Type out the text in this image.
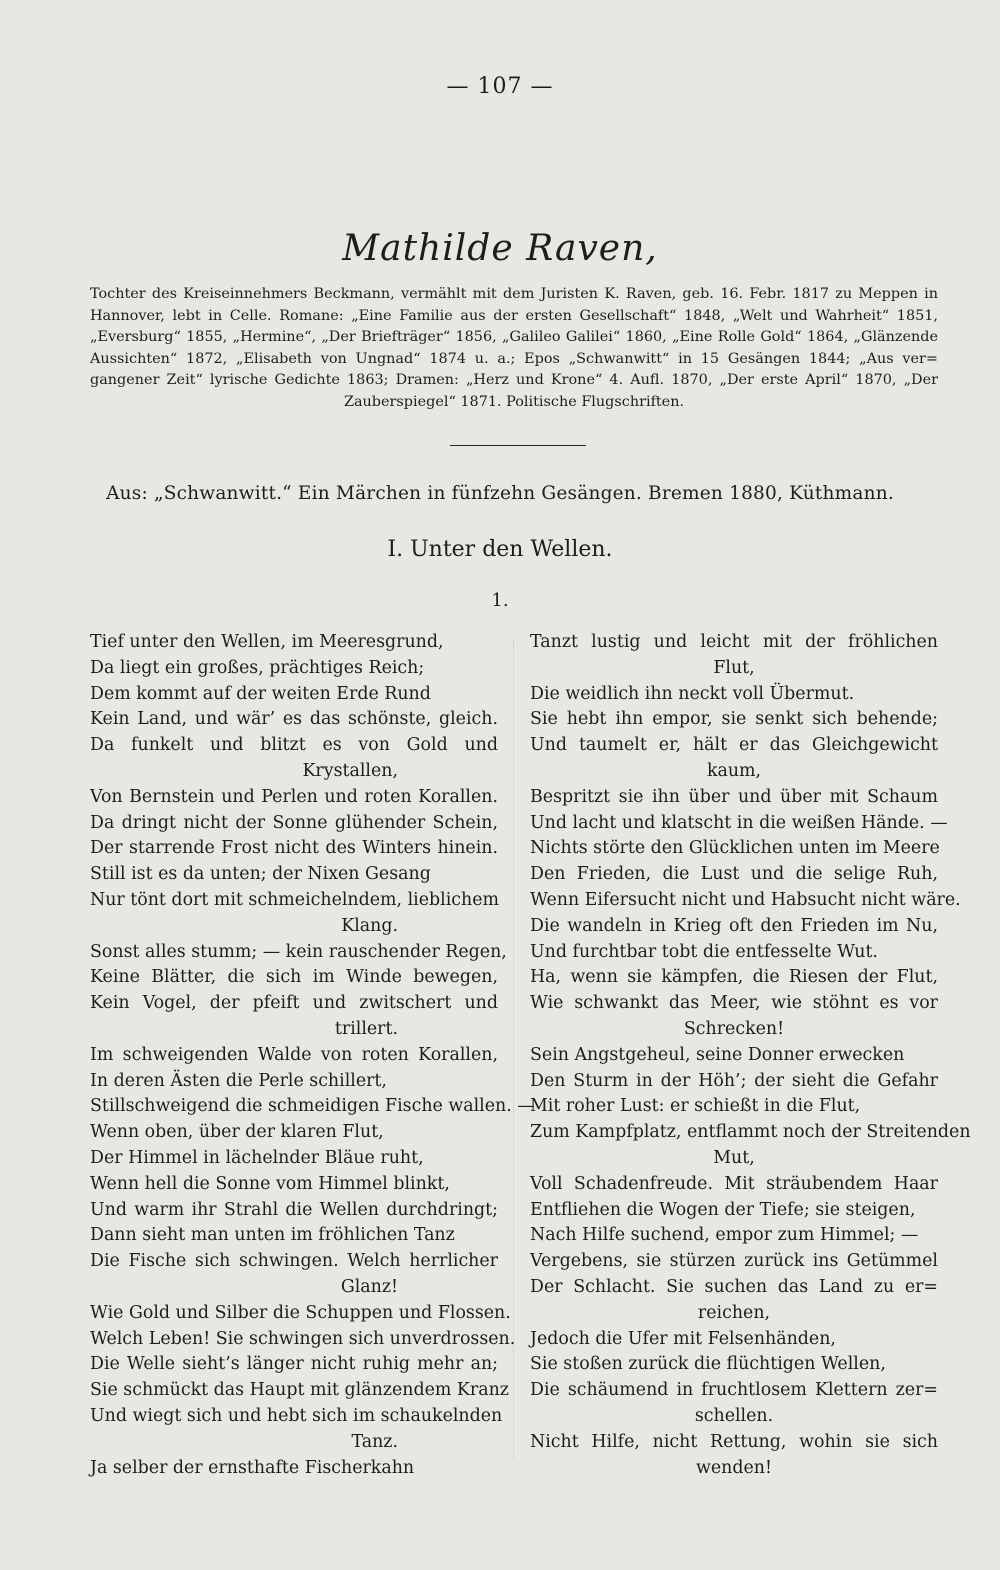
— 107 —
Mathilde Raven,
Tochter des Kreiseinnehmers Beckmann, vermählt mit dem Juristen K. Raven, geb. 16. Febr. 1817 zu Meppen in
Hannover, lebt in Celle. Romane: „Eine Familie aus der ersten Gesellschaft“ 1848, „Welt und Wahrheit“ 1851,
„Eversburg“ 1855, „Hermine“, „Der Briefträger“ 1856, „Galileo Galilei“ 1860, „Eine Rolle Gold“ 1864, „Glänzende
Aussichten“ 1872, „Elisabeth von Ungnad“ 1874 u. a.; Epos „Schwanwitt“ in 15 Gesängen 1844; „Aus ver=
gangener Zeit“ lyrische Gedichte 1863; Dramen: „Herz und Krone“ 4. Aufl. 1870, „Der erste April“ 1870, „Der
Zauberspiegel“ 1871. Politische Flugschriften.
Aus: „Schwanwitt.“ Ein Märchen in fünfzehn Gesängen. Bremen 1880, Küthmann.
I. Unter den Wellen.
1.
Tief unter den Wellen, im Meeresgrund,
Da liegt ein großes, prächtiges Reich;
Dem kommt auf der weiten Erde Rund
Kein Land, und wär’ es das schönste, gleich.
Da funkelt und blitzt es von Gold und
Krystallen,
Von Bernstein und Perlen und roten Korallen.
Da dringt nicht der Sonne glühender Schein,
Der starrende Frost nicht des Winters hinein.
Still ist es da unten; der Nixen Gesang
Nur tönt dort mit schmeichelndem, lieblichem
Klang.
Sonst alles stumm; — kein rauschender Regen,
Keine Blätter, die sich im Winde bewegen,
Kein Vogel, der pfeift und zwitschert und
trillert.
Im schweigenden Walde von roten Korallen,
In deren Ästen die Perle schillert,
Stillschweigend die schmeidigen Fische wallen. —
Wenn oben, über der klaren Flut,
Der Himmel in lächelnder Bläue ruht,
Wenn hell die Sonne vom Himmel blinkt,
Und warm ihr Strahl die Wellen durchdringt;
Dann sieht man unten im fröhlichen Tanz
Die Fische sich schwingen. Welch herrlicher
Glanz!
Wie Gold und Silber die Schuppen und Flossen.
Welch Leben! Sie schwingen sich unverdrossen.
Die Welle sieht’s länger nicht ruhig mehr an;
Sie schmückt das Haupt mit glänzendem Kranz
Und wiegt sich und hebt sich im schaukelnden
Tanz.
Ja selber der ernsthafte Fischerkahn
Tanzt lustig und leicht mit der fröhlichen
Flut,
Die weidlich ihn neckt voll Übermut.
Sie hebt ihn empor, sie senkt sich behende;
Und taumelt er, hält er das Gleichgewicht
kaum,
Bespritzt sie ihn über und über mit Schaum
Und lacht und klatscht in die weißen Hände. —
Nichts störte den Glücklichen unten im Meere
Den Frieden, die Lust und die selige Ruh,
Wenn Eifersucht nicht und Habsucht nicht wäre.
Die wandeln in Krieg oft den Frieden im Nu,
Und furchtbar tobt die entfesselte Wut.
Ha, wenn sie kämpfen, die Riesen der Flut,
Wie schwankt das Meer, wie stöhnt es vor
Schrecken!
Sein Angstgeheul, seine Donner erwecken
Den Sturm in der Höh’; der sieht die Gefahr
Mit roher Lust: er schießt in die Flut,
Zum Kampfplatz, entflammt noch der Streitenden
Mut,
Voll Schadenfreude. Mit sträubendem Haar
Entfliehen die Wogen der Tiefe; sie steigen,
Nach Hilfe suchend, empor zum Himmel; —
Vergebens, sie stürzen zurück ins Getümmel
Der Schlacht. Sie suchen das Land zu er=
reichen,
Jedoch die Ufer mit Felsenhänden,
Sie stoßen zurück die flüchtigen Wellen,
Die schäumend in fruchtlosem Klettern zer=
schellen.
Nicht Hilfe, nicht Rettung, wohin sie sich
wenden!
